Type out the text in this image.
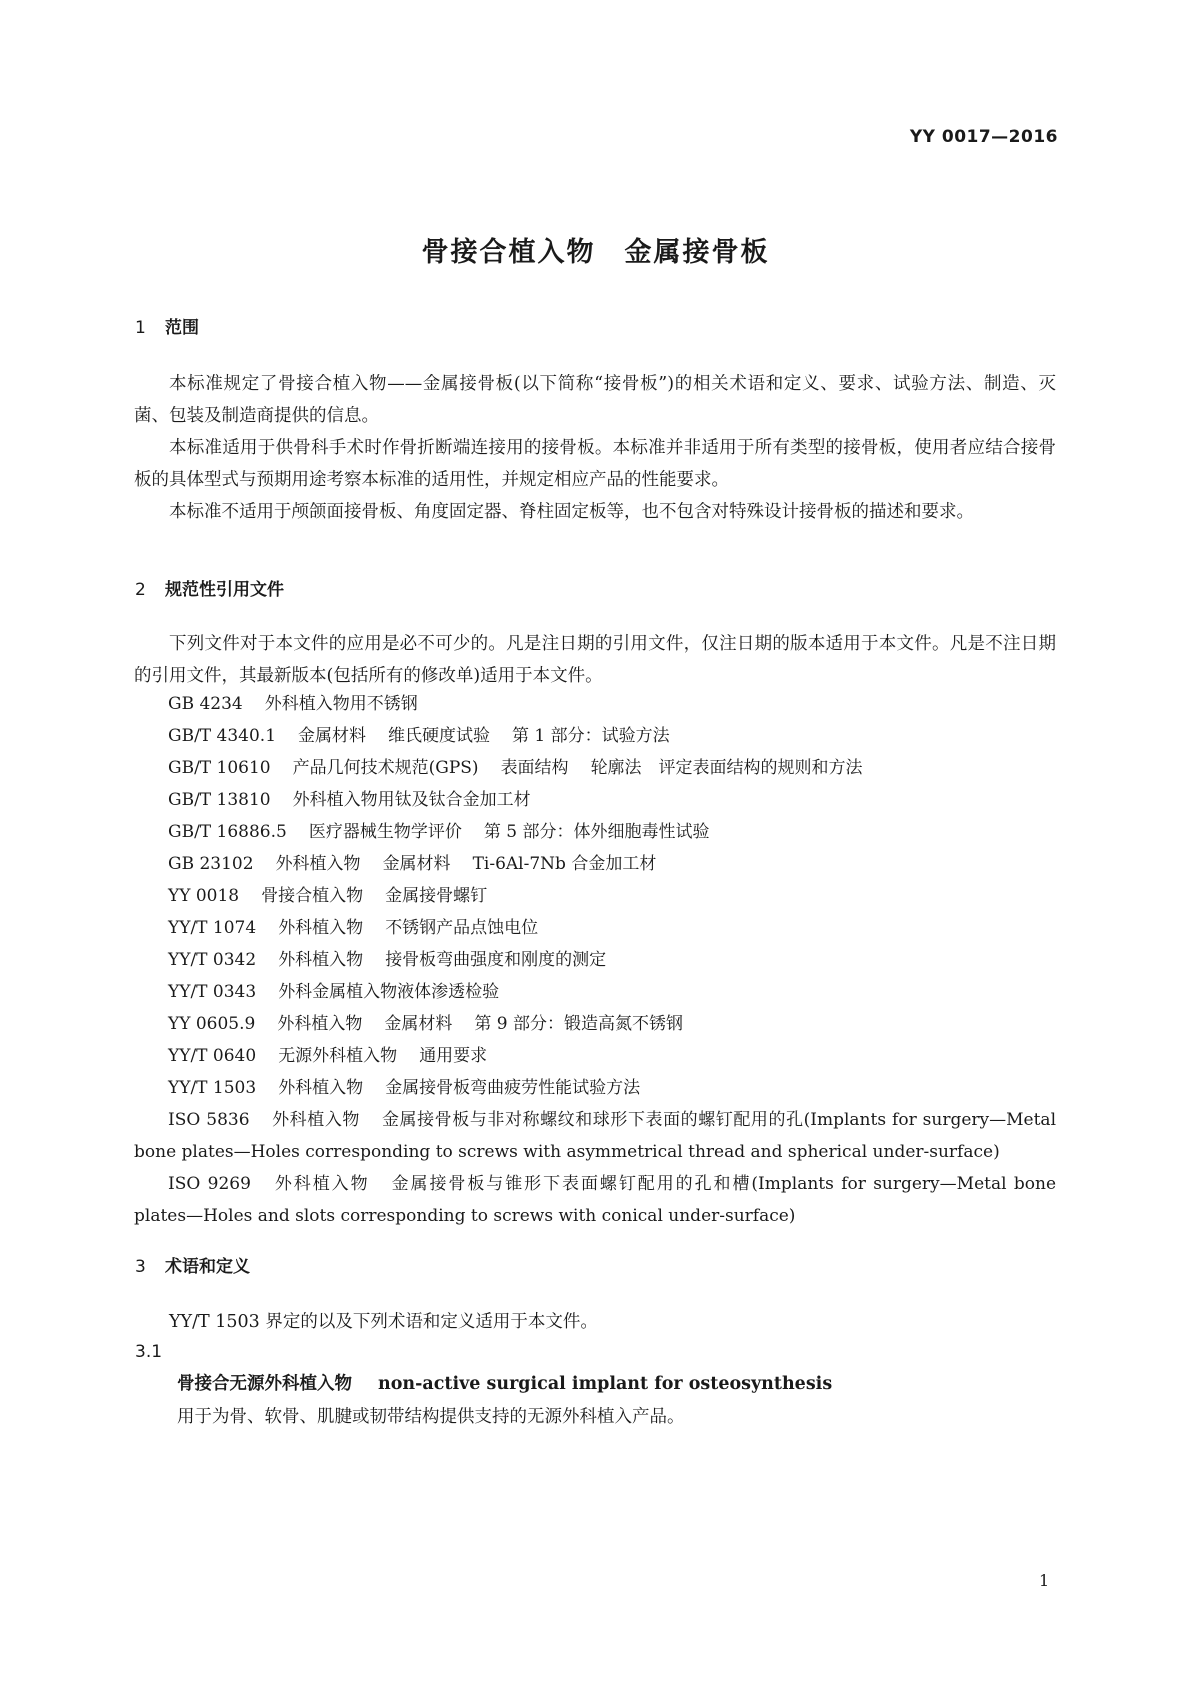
YY 0017—2016
骨接合植入物　金属接骨板
1 范围

本标准规定了骨接合植入物——金属接骨板(以下简称“接骨板”)的相关术语和定义、要求、试验方法、制造、灭菌、包装及制造商提供的信息。

本标准适用于供骨科手术时作骨折断端连接用的接骨板。本标准并非适用于所有类型的接骨板，使用者应结合接骨板的具体型式与预期用途考察本标准的适用性，并规定相应产品的性能要求。

本标准不适用于颅颌面接骨板、角度固定器、脊柱固定板等，也不包含对特殊设计接骨板的描述和要求。

2 规范性引用文件

下列文件对于本文件的应用是必不可少的。凡是注日期的引用文件，仅注日期的版本适用于本文件。凡是不注日期的引用文件，其最新版本(包括所有的修改单)适用于本文件。

GB 4234 外科植入物用不锈钢

GB/T 4340.1 金属材料 维氏硬度试验 第 1 部分：试验方法

GB/T 10610 产品几何技术规范(GPS) 表面结构 轮廓法　评定表面结构的规则和方法

GB/T 13810 外科植入物用钛及钛合金加工材

GB/T 16886.5 医疗器械生物学评价 第 5 部分：体外细胞毒性试验

GB 23102 外科植入物 金属材料 Ti-6Al-7Nb 合金加工材

YY 0018 骨接合植入物 金属接骨螺钉

YY/T 1074 外科植入物 不锈钢产品点蚀电位

YY/T 0342 外科植入物 接骨板弯曲强度和刚度的测定

YY/T 0343 外科金属植入物液体渗透检验

YY 0605.9 外科植入物 金属材料 第 9 部分：锻造高氮不锈钢

YY/T 0640 无源外科植入物 通用要求

YY/T 1503 外科植入物 金属接骨板弯曲疲劳性能试验方法

ISO 5836 外科植入物 金属接骨板与非对称螺纹和球形下表面的螺钉配用的孔(Implants for surgery—Metal bone plates—Holes corresponding to screws with asymmetrical thread and spherical under-surface)

ISO 9269 外科植入物 金属接骨板与锥形下表面螺钉配用的孔和槽(Implants for surgery—Metal bone plates—Holes and slots corresponding to screws with conical under-surface)

3 术语和定义

YY/T 1503 界定的以及下列术语和定义适用于本文件。

3.1
骨接合无源外科植入物 non-active surgical implant for osteosynthesis
用于为骨、软骨、肌腱或韧带结构提供支持的无源外科植入产品。
1
